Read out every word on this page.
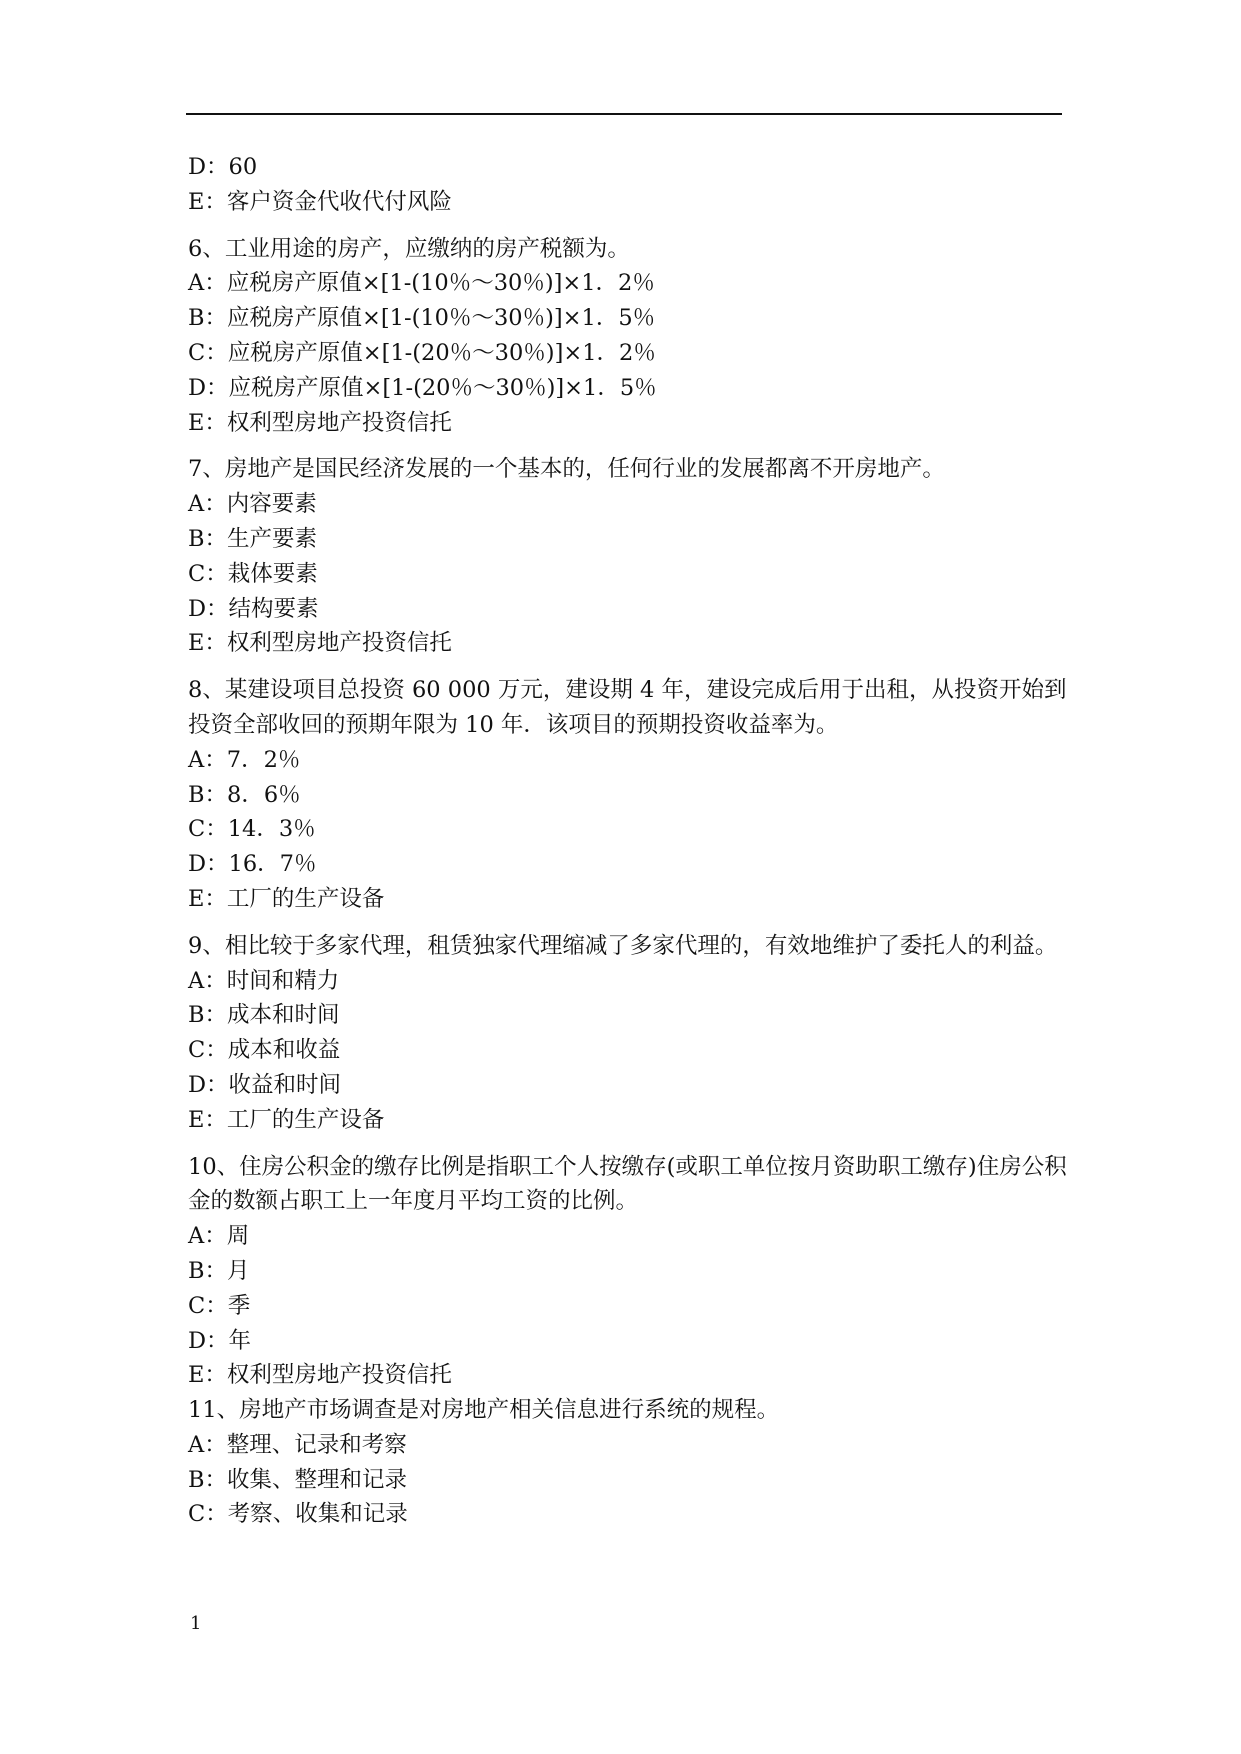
D：60
E：客户资金代收代付风险
6、工业用途的房产，应缴纳的房产税额为。
A：应税房产原值×[1-(10％～30％)]×1．2％
B：应税房产原值×[1-(10％～30％)]×1．5％
C：应税房产原值×[1-(20％～30％)]×1．2％
D：应税房产原值×[1-(20％～30％)]×1．5％
E：权利型房地产投资信托
7、房地产是国民经济发展的一个基本的，任何行业的发展都离不开房地产。
A：内容要素
B：生产要素
C：栽体要素
D：结构要素
E：权利型房地产投资信托
8、某建设项目总投资 60 000 万元，建设期 4 年，建设完成后用于出租，从投资开始到投资全部收回的预期年限为 10 年．该项目的预期投资收益率为。
A：7．2％
B：8．6％
C：14．3％
D：16．7％
E：工厂的生产设备
9、相比较于多家代理，租赁独家代理缩减了多家代理的，有效地维护了委托人的利益。
A：时间和精力
B：成本和时间
C：成本和收益
D：收益和时间
E：工厂的生产设备
10、住房公积金的缴存比例是指职工个人按缴存(或职工单位按月资助职工缴存)住房公积金的数额占职工上一年度月平均工资的比例。
A：周
B：月
C：季
D：年
E：权利型房地产投资信托
11、房地产市场调查是对房地产相关信息进行系统的规程。
A：整理、记录和考察
B：收集、整理和记录
C：考察、收集和记录
1
